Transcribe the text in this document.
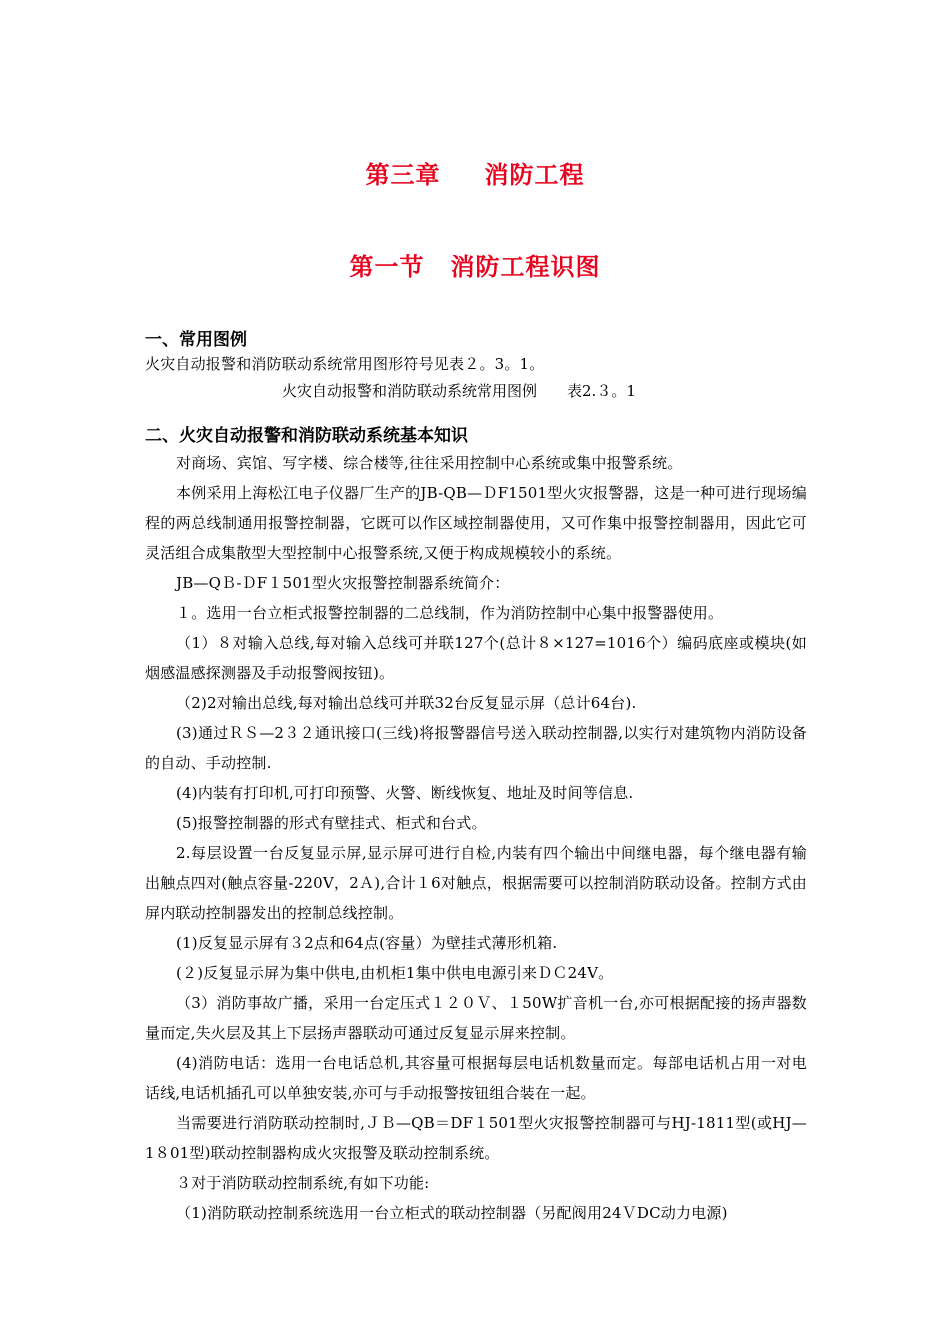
第三章 消防工程
第一节 消防工程识图

一、常用图例

火灾自动报警和消防联动系统常用图形符号见表２。3。1。

火灾自动报警和消防联动系统常用图例 表2.３。1

二、火灾自动报警和消防联动系统基本知识

对商场、宾馆、写字楼、综合楼等,往往采用控制中心系统或集中报警系统。

本例采用上海松江电子仪器厂生产的JB-QB—ＤF1501型火灾报警器，这是一种可进行现场编程的两总线制通用报警控制器，它既可以作区域控制器使用，又可作集中报警控制器用，因此它可灵活组合成集散型大型控制中心报警系统,又便于构成规模较小的系统。

JB—QＢ-ＤF１501型火灾报警控制器系统简介：

１。选用一台立柜式报警控制器的二总线制，作为消防控制中心集中报警器使用。

（1）８对输入总线,每对输入总线可并联127个(总计８×127=1016个）编码底座或模块(如烟感温感探测器及手动报警阀按钮)。

（2)2对输出总线,每对输出总线可并联32台反复显示屏（总计64台).

(3)通过ＲＳ—2３２通讯接口(三线)将报警器信号送入联动控制器,以实行对建筑物内消防设备的自动、手动控制.

(4)内装有打印机,可打印预警、火警、断线恢复、地址及时间等信息.

(5)报警控制器的形式有壁挂式、柜式和台式。

2.每层设置一台反复显示屏,显示屏可进行自检,内装有四个输出中间继电器，每个继电器有输出触点四对(触点容量-220V，2Ａ),合计１6对触点，根据需要可以控制消防联动设备。控制方式由屏内联动控制器发出的控制总线控制。

(1)反复显示屏有３2点和64点(容量）为壁挂式薄形机箱.

(２)反复显示屏为集中供电,由机柜1集中供电电源引来ＤＣ24V。

（3）消防事故广播，采用一台定压式１２０Ｖ、１50W扩音机一台,亦可根据配接的扬声器数量而定,失火层及其上下层扬声器联动可通过反复显示屏来控制。

(4)消防电话：选用一台电话总机,其容量可根据每层电话机数量而定。每部电话机占用一对电话线,电话机插孔可以单独安装,亦可与手动报警按钮组合装在一起。

当需要进行消防联动控制时,ＪＢ—QB＝DF１501型火灾报警控制器可与HJ-1811型(或HJ—1８01型)联动控制器构成火灾报警及联动控制系统。

３对于消防联动控制系统,有如下功能:

（1)消防联动控制系统选用一台立柜式的联动控制器（另配阀用24ＶDC动力电源)
